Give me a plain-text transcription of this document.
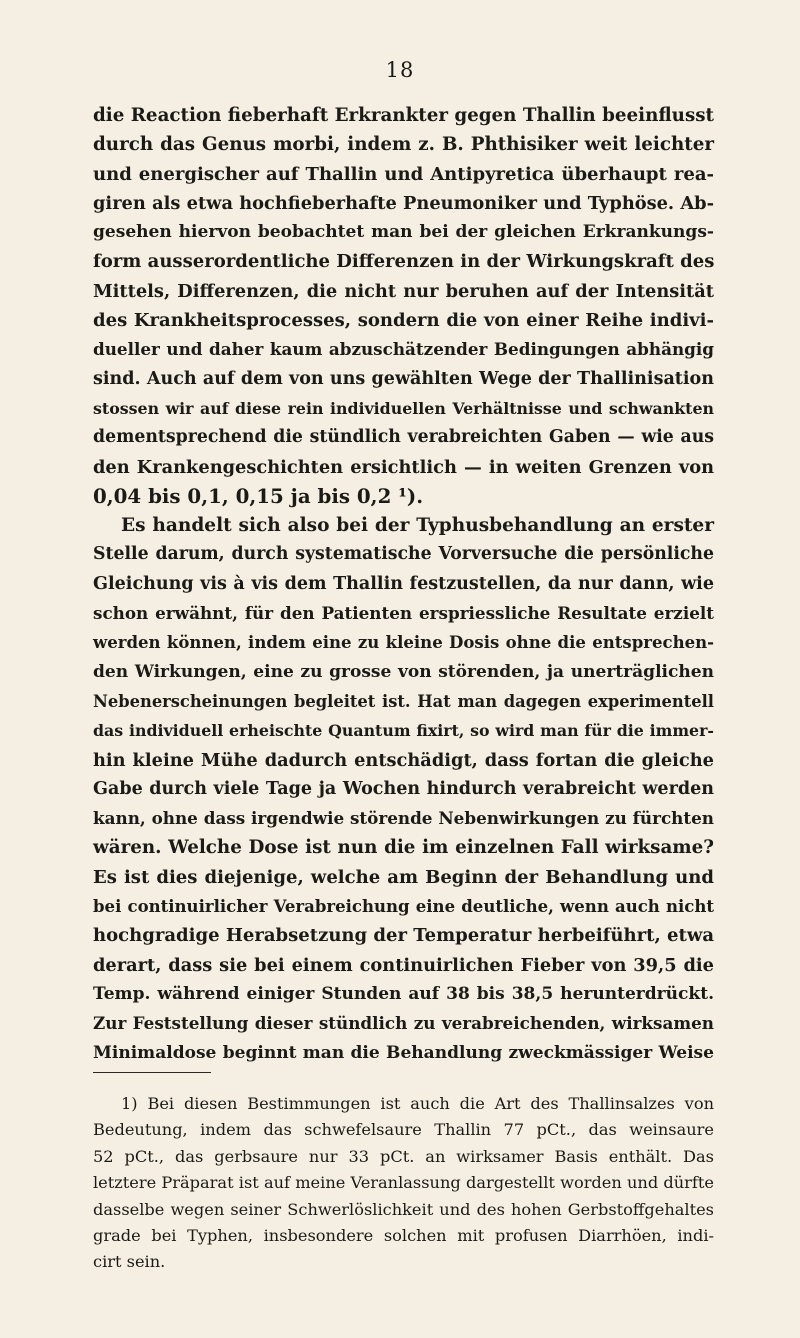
18
die Reaction fieberhaft Erkrankter gegen Thallin beeinflusst
durch das Genus morbi, indem z. B. Phthisiker weit leichter
und energischer auf Thallin und Antipyretica überhaupt rea-
giren als etwa hochfieberhafte Pneumoniker und Typhöse. Ab-
gesehen hiervon beobachtet man bei der gleichen Erkrankungs-
form ausserordentliche Differenzen in der Wirkungskraft des
Mittels, Differenzen, die nicht nur beruhen auf der Intensität
des Krankheitsprocesses, sondern die von einer Reihe indivi-
dueller und daher kaum abzuschätzender Bedingungen abhängig
sind. Auch auf dem von uns gewählten Wege der Thallinisation
stossen wir auf diese rein individuellen Verhältnisse und schwankten
dementsprechend die stündlich verabreichten Gaben — wie aus
den Krankengeschichten ersichtlich — in weiten Grenzen von
0,04 bis 0,1, 0,15 ja bis 0,2 ¹).
Es handelt sich also bei der Typhusbehandlung an erster
Stelle darum, durch systematische Vorversuche die persönliche
Gleichung vis à vis dem Thallin festzustellen, da nur dann, wie
schon erwähnt, für den Patienten erspriessliche Resultate erzielt
werden können, indem eine zu kleine Dosis ohne die entsprechen-
den Wirkungen, eine zu grosse von störenden, ja unerträglichen
Nebenerscheinungen begleitet ist. Hat man dagegen experimentell
das individuell erheischte Quantum fixirt, so wird man für die immer-
hin kleine Mühe dadurch entschädigt, dass fortan die gleiche
Gabe durch viele Tage ja Wochen hindurch verabreicht werden
kann, ohne dass irgendwie störende Nebenwirkungen zu fürchten
wären. Welche Dose ist nun die im einzelnen Fall wirksame?
Es ist dies diejenige, welche am Beginn der Behandlung und
bei continuirlicher Verabreichung eine deutliche, wenn auch nicht
hochgradige Herabsetzung der Temperatur herbeiführt, etwa
derart, dass sie bei einem continuirlichen Fieber von 39,5 die
Temp. während einiger Stunden auf 38 bis 38,5 herunterdrückt.
Zur Feststellung dieser stündlich zu verabreichenden, wirksamen
Minimaldose beginnt man die Behandlung zweckmässiger Weise
1) Bei diesen Bestimmungen ist auch die Art des Thallinsalzes von
Bedeutung, indem das schwefelsaure Thallin 77 pCt., das weinsaure
52 pCt., das gerbsaure nur 33 pCt. an wirksamer Basis enthält. Das
letztere Präparat ist auf meine Veranlassung dargestellt worden und dürfte
dasselbe wegen seiner Schwerlöslichkeit und des hohen Gerbstoffgehaltes
grade bei Typhen, insbesondere solchen mit profusen Diarrhöen, indi-
cirt sein.
